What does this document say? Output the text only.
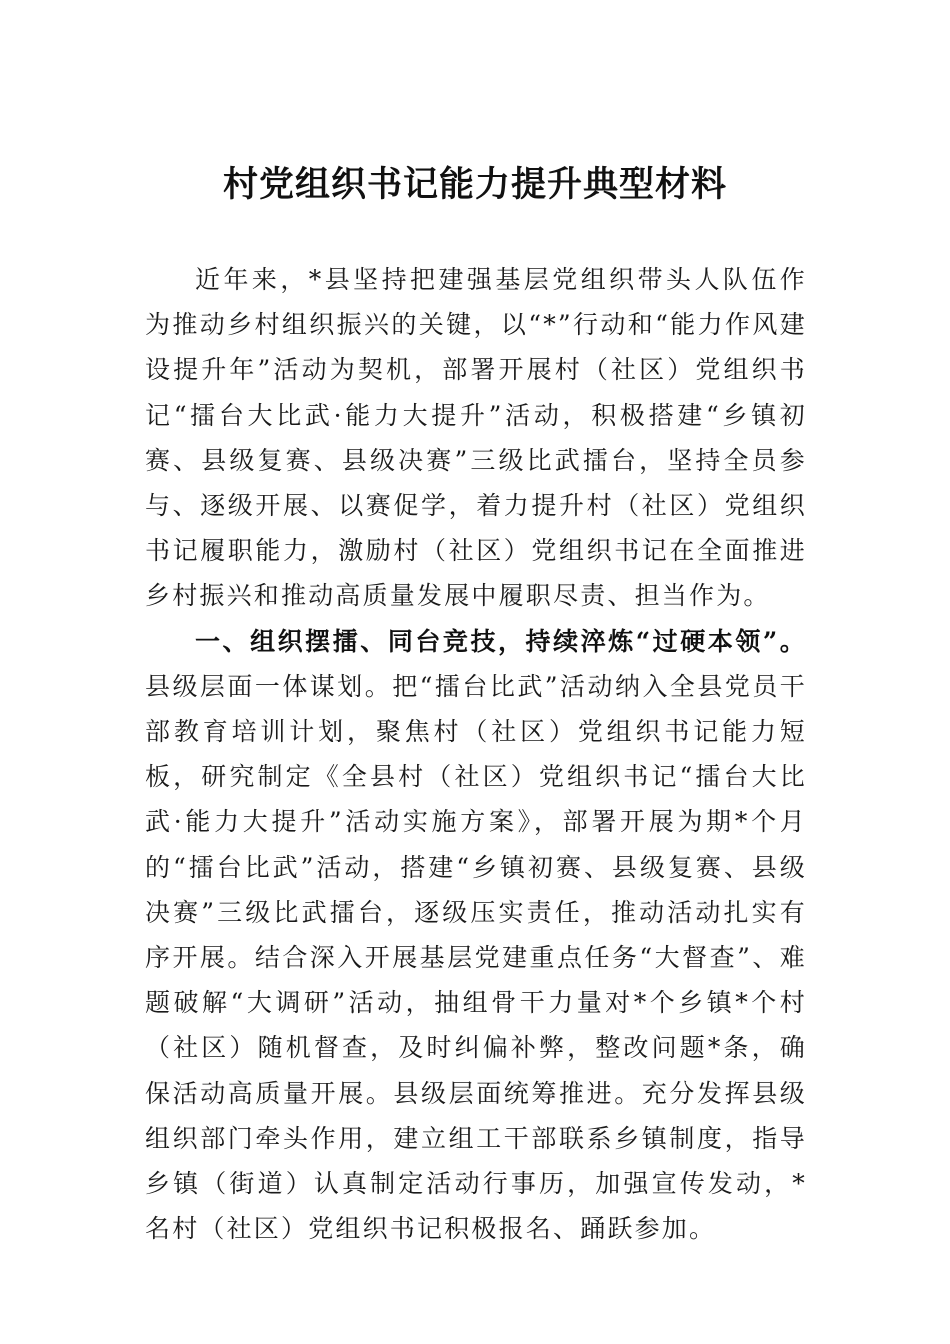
村党组织书记能力提升典型材料

近年来，*县坚持把建强基层党组织带头人队伍作为推动乡村组织振兴的关键，以“*”行动和“能力作风建设提升年”活动为契机，部署开展村（社区）党组织书记“擂台大比武·能力大提升”活动，积极搭建“乡镇初赛、县级复赛、县级决赛”三级比武擂台，坚持全员参与、逐级开展、以赛促学，着力提升村（社区）党组织书记履职能力，激励村（社区）党组织书记在全面推进乡村振兴和推动高质量发展中履职尽责、担当作为。

一、组织摆擂、同台竞技，持续淬炼“过硬本领”。县级层面一体谋划。把“擂台比武”活动纳入全县党员干部教育培训计划，聚焦村（社区）党组织书记能力短板，研究制定《全县村（社区）党组织书记“擂台大比武·能力大提升”活动实施方案》，部署开展为期*个月的“擂台比武”活动，搭建“乡镇初赛、县级复赛、县级决赛”三级比武擂台，逐级压实责任，推动活动扎实有序开展。结合深入开展基层党建重点任务“大督查”、难题破解“大调研”活动，抽组骨干力量对*个乡镇*个村（社区）随机督查，及时纠偏补弊，整改问题*条，确保活动高质量开展。县级层面统筹推进。充分发挥县级组织部门牵头作用，建立组工干部联系乡镇制度，指导乡镇（街道）认真制定活动行事历，加强宣传发动，*名村（社区）党组织书记积极报名、踊跃参加。
